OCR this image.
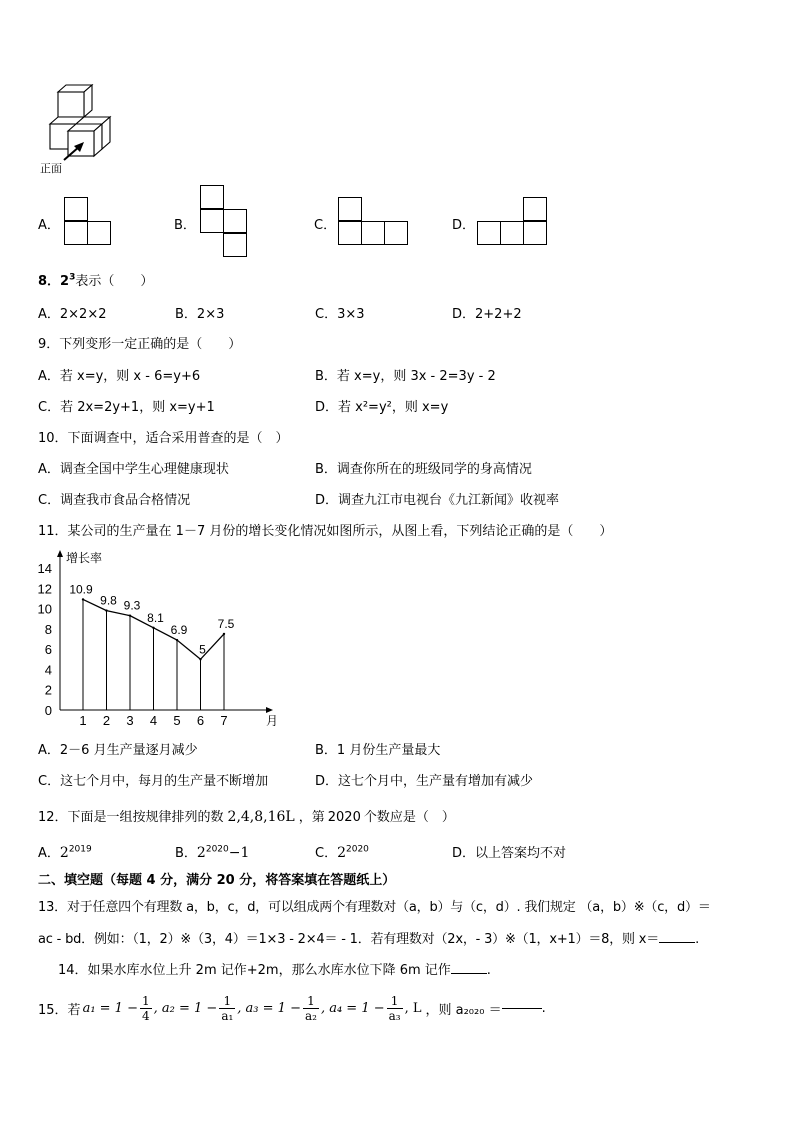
正面
A．	B．	C．	D．
8．$2^3$表示（　　）
A．2×2×2	B．2×3	C．3×3	D．2+2+2
9．下列变形一定正确的是（　　）
A．若 x=y，则 x - 6=y+6	B．若 x=y，则 3x - 2=3y - 2
C．若 2x=2y+1，则 x=y+1	D．若 x²=y²，则 x=y
10．下面调查中，适合采用普查的是（　）
A．调查全国中学生心理健康现状	B．调查你所在的班级同学的身高情况
C．调查我市食品合格情况	D．调查九江市电视台《九江新闻》收视率
11．某公司的生产量在 1－7 月份的增长变化情况如图所示，从图上看，下列结论正确的是（　　）
0
2
4
6
8
10
12
14
增长率
1 2 3 4 5 6 7	月
10.9
9.8 9.3
8.1
6.9
5
7.5
A．2－6 月生产量逐月减少	B．1 月份生产量最大
C．这七个月中，每月的生产量不断增加	D．这七个月中，生产量有增加有减少
12．下面是一组按规律排列的数 2,4,8,16L ，第 2020 个数应是（　）
A．$2^{2019}$	B．$2^{2020}-1$	C．$2^{2020}$	D．以上答案均不对
二、填空题（每题 4 分，满分 20 分，将答案填在答题纸上）
13．对于任意四个有理数 a，b，c，d，可以组成两个有理数对（a，b）与（c，d）. 我们规定 （a，b）※（c，d）＝
ac - bd．例如：（1，2）※（3，4）＝1×3 - 2×4＝ - 1．若有理数对（2x，- 3）※（1，x+1）＝8，则 x＝	.
14．如果水库水位上升 2m 记作+2m，那么水库水位下降 6m 记作	.
15． 若 $a_1 = 1 - \frac{1}{4}$ , $a_2 = 1 - \frac{1}{\text{a₁}}$ , $a_3 = 1 - \frac{1}{\text{a₂}}$ , $a_4 = 1 - \frac{1}{\text{a₃}}$ , L ，则 a₂₀₂₀ ＝	.
